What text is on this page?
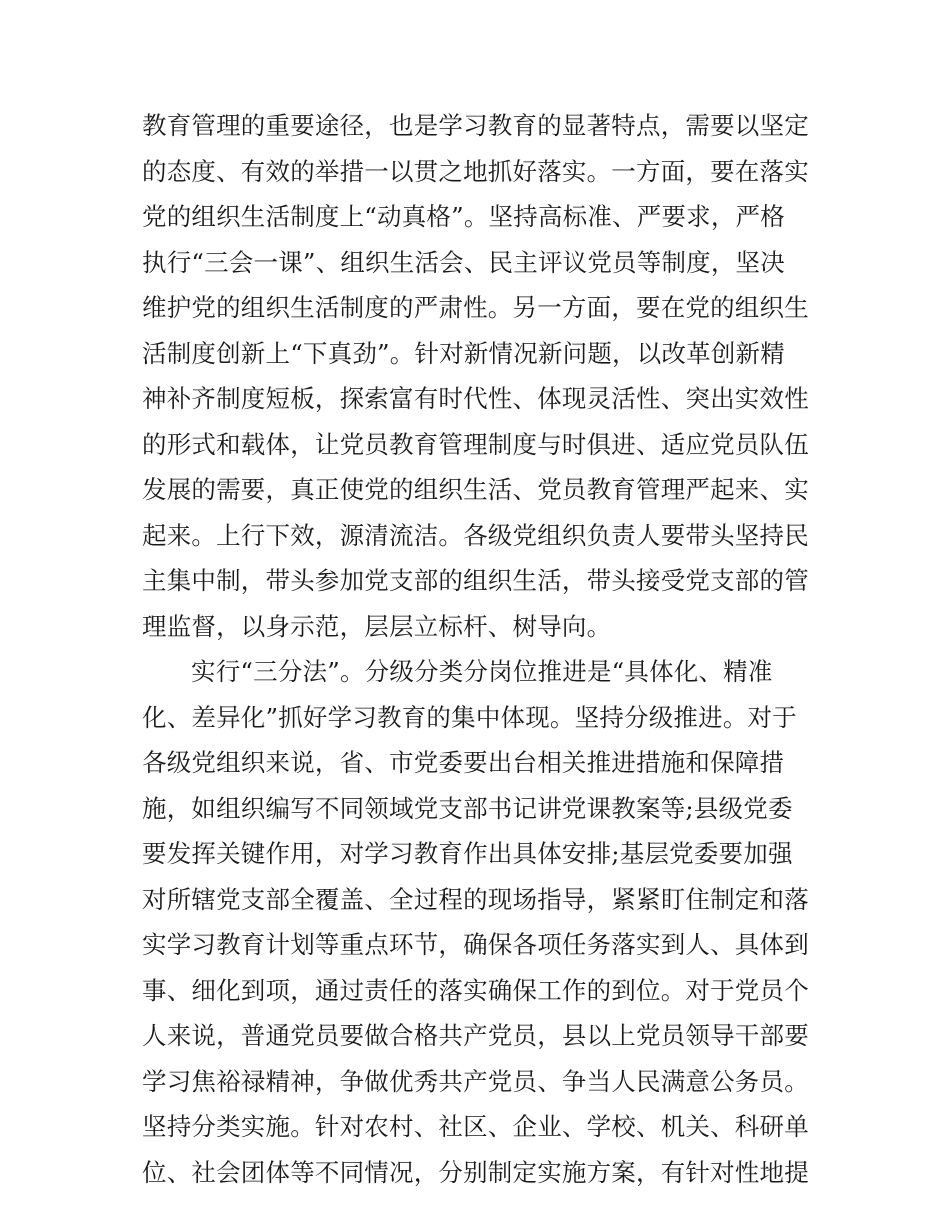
教育管理的重要途径，也是学习教育的显著特点，需要以坚定
的态度、有效的举措一以贯之地抓好落实。一方面，要在落实
党的组织生活制度上“动真格”。坚持高标准、严要求，严格
执行“三会一课”、组织生活会、民主评议党员等制度，坚决
维护党的组织生活制度的严肃性。另一方面，要在党的组织生
活制度创新上“下真劲”。针对新情况新问题，以改革创新精
神补齐制度短板，探索富有时代性、体现灵活性、突出实效性
的形式和载体，让党员教育管理制度与时俱进、适应党员队伍
发展的需要，真正使党的组织生活、党员教育管理严起来、实
起来。上行下效，源清流洁。各级党组织负责人要带头坚持民
主集中制，带头参加党支部的组织生活，带头接受党支部的管
理监督，以身示范，层层立标杆、树导向。
实行“三分法”。分级分类分岗位推进是“具体化、精准
化、差异化”抓好学习教育的集中体现。坚持分级推进。对于
各级党组织来说，省、市党委要出台相关推进措施和保障措
施，如组织编写不同领域党支部书记讲党课教案等;县级党委
要发挥关键作用，对学习教育作出具体安排;基层党委要加强
对所辖党支部全覆盖、全过程的现场指导，紧紧盯住制定和落
实学习教育计划等重点环节，确保各项任务落实到人、具体到
事、细化到项，通过责任的落实确保工作的到位。对于党员个
人来说，普通党员要做合格共产党员，县以上党员领导干部要
学习焦裕禄精神，争做优秀共产党员、争当人民满意公务员。
坚持分类实施。针对农村、社区、企业、学校、机关、科研单
位、社会团体等不同情况，分别制定实施方案，有针对性地提
